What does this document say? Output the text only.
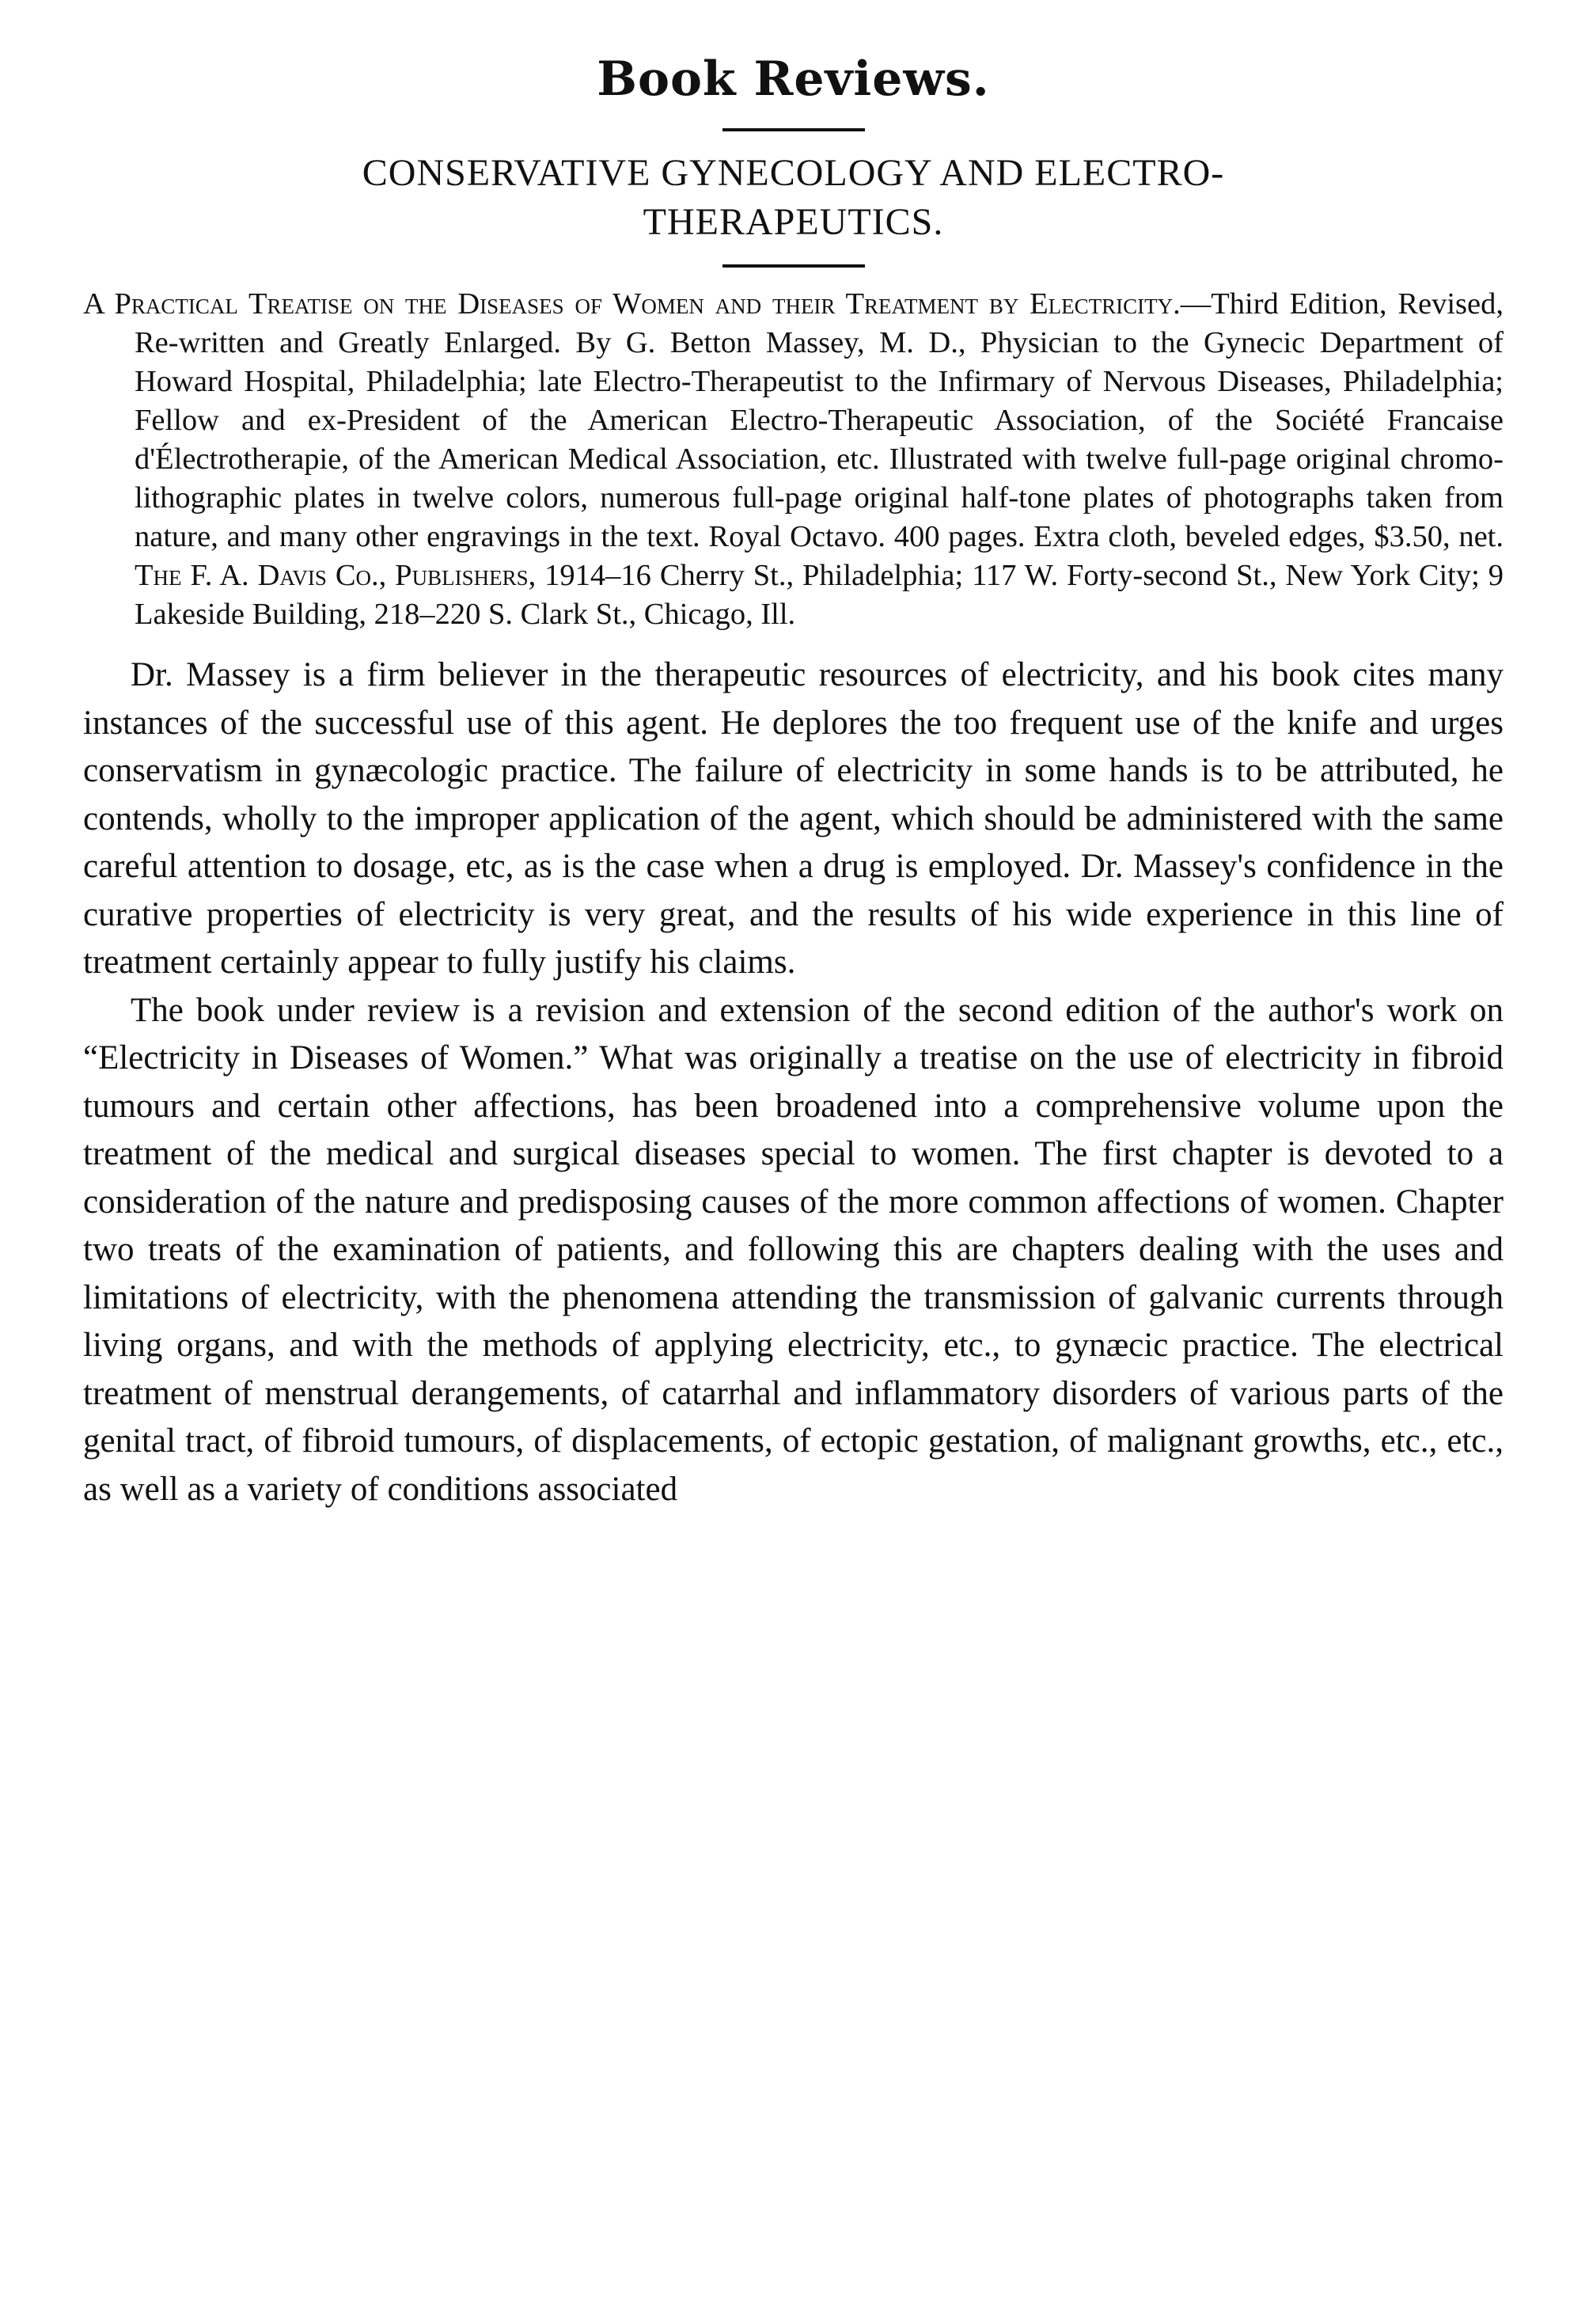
Book Reviews.
CONSERVATIVE GYNECOLOGY AND ELECTRO-
THERAPEUTICS.

A Practical Treatise on the Diseases of Women and their Treatment by Electricity.—Third Edition, Revised, Re-written and Greatly Enlarged. By G. Betton Massey, M. D., Physician to the Gynecic Department of Howard Hospital, Philadelphia; late Electro-Therapeutist to the Infirmary of Nervous Diseases, Philadelphia; Fellow and ex-President of the American Electro-Therapeutic Association, of the Société Francaise d'Électrotherapie, of the American Medical Association, etc. Illustrated with twelve full-page original chromo-lithographic plates in twelve colors, numerous full-page original half-tone plates of photographs taken from nature, and many other engravings in the text. Royal Octavo. 400 pages. Extra cloth, beveled edges, $3.50, net. The F. A. Davis Co., Publishers, 1914–16 Cherry St., Philadelphia; 117 W. Forty-second St., New York City; 9 Lakeside Building, 218–220 S. Clark St., Chicago, Ill.

Dr. Massey is a firm believer in the therapeutic resources of electricity, and his book cites many instances of the successful use of this agent. He deplores the too frequent use of the knife and urges conservatism in gynæcologic practice. The failure of electricity in some hands is to be attributed, he contends, wholly to the improper application of the agent, which should be administered with the same careful attention to dosage, etc, as is the case when a drug is employed. Dr. Massey's confidence in the curative properties of electricity is very great, and the results of his wide experience in this line of treatment certainly appear to fully justify his claims.

The book under review is a revision and extension of the second edition of the author's work on “Electricity in Diseases of Women.” What was originally a treatise on the use of electricity in fibroid tumours and certain other affections, has been broadened into a comprehensive volume upon the treatment of the medical and surgical diseases special to women. The first chapter is devoted to a consideration of the nature and predisposing causes of the more common affections of women. Chapter two treats of the examination of patients, and following this are chapters dealing with the uses and limitations of electricity, with the phenomena attending the transmission of galvanic currents through living organs, and with the methods of applying electricity, etc., to gynæcic practice. The electrical treatment of menstrual derangements, of catarrhal and inflammatory disorders of various parts of the genital tract, of fibroid tumours, of displacements, of ectopic gestation, of malignant growths, etc., etc., as well as a variety of conditions associated
